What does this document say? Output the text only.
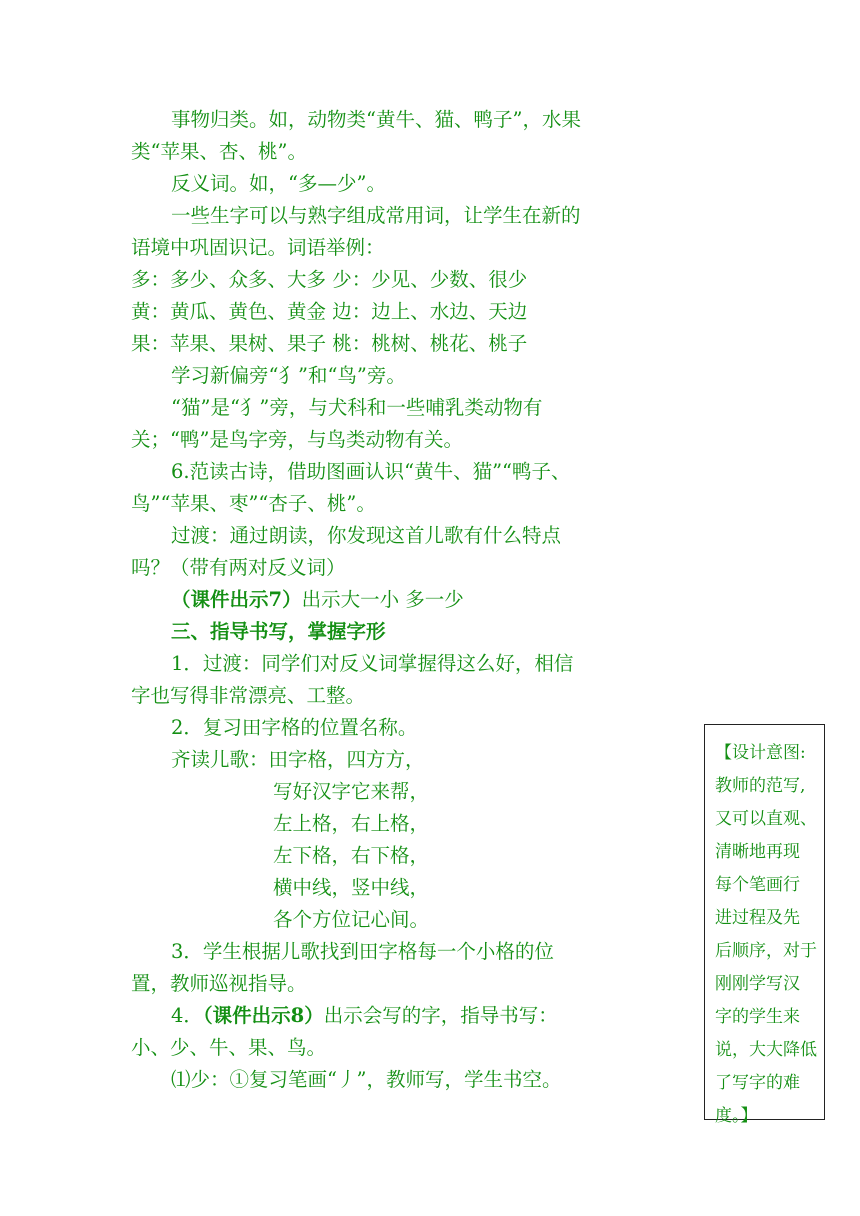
事物归类。如，动物类“黄牛、猫、鸭子”，水果类“苹果、杏、桃”。

反义词。如，“多—少”。

一些生字可以与熟字组成常用词，让学生在新的语境中巩固识记。词语举例：

多：多少、众多、大多 少：少见、少数、很少

黄：黄瓜、黄色、黄金 边：边上、水边、天边

果：苹果、果树、果子 桃：桃树、桃花、桃子

学习新偏旁“犭”和“鸟”旁。

“猫”是“犭”旁，与犬科和一些哺乳类动物有关；“鸭”是鸟字旁，与鸟类动物有关。

6.范读古诗，借助图画认识“黄牛、猫”“鸭子、鸟”“苹果、枣”“杏子、桃”。

过渡：通过朗读，你发现这首儿歌有什么特点吗？（带有两对反义词）

（课件出示7）出示大一小 多一少

三、指导书写，掌握字形

1．过渡：同学们对反义词掌握得这么好，相信字也写得非常漂亮、工整。

2．复习田字格的位置名称。

齐读儿歌：田字格，四方方，

写好汉字它来帮，

左上格，右上格，

左下格，右下格，

横中线，竖中线，

各个方位记心间。

3．学生根据儿歌找到田字格每一个小格的位置，教师巡视指导。

4．（课件出示8）出示会写的字，指导书写：小、少、牛、果、鸟。

⑴少：①复习笔画“丿”，教师写，学生书空。

【设计意图:
教师的范写,
又可以直观、
清晰地再现
每个笔画行
进过程及先
后顺序，对于
刚刚学写汉
字的学生来
说，大大降低
了写字的难
度。】
